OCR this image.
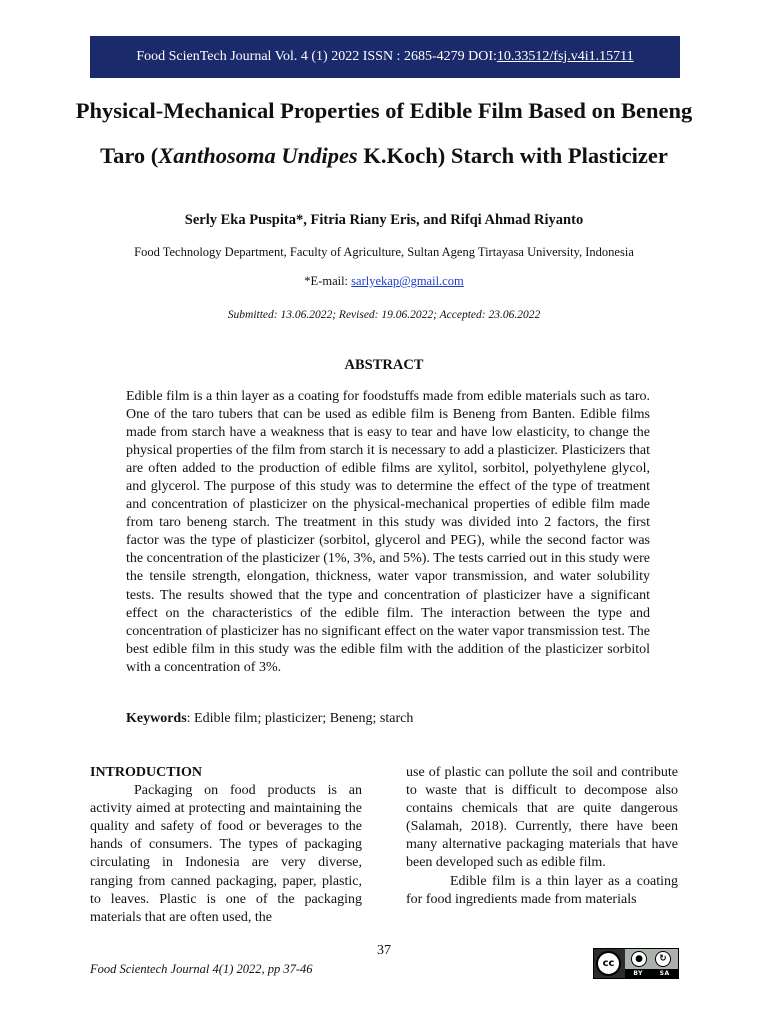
Food ScienTech Journal Vol. 4 (1) 2022 ISSN : 2685-4279 DOI: 10.33512/fsj.v4i1.15711
Physical-Mechanical Properties of Edible Film Based on Beneng Taro (Xanthosoma Undipes K.Koch) Starch with Plasticizer
Serly Eka Puspita*, Fitria Riany Eris, and Rifqi Ahmad Riyanto
Food Technology Department, Faculty of Agriculture, Sultan Ageng Tirtayasa University, Indonesia
*E-mail: sarlyekap@gmail.com
Submitted: 13.06.2022; Revised: 19.06.2022; Accepted: 23.06.2022
ABSTRACT

Edible film is a thin layer as a coating for foodstuffs made from edible materials such as taro. One of the taro tubers that can be used as edible film is Beneng from Banten. Edible films made from starch have a weakness that is easy to tear and have low elasticity, to change the physical properties of the film from starch it is necessary to add a plasticizer. Plasticizers that are often added to the production of edible films are xylitol, sorbitol, polyethylene glycol, and glycerol. The purpose of this study was to determine the effect of the type of treatment and concentration of plasticizer on the physical-mechanical properties of edible film made from taro beneng starch. The treatment in this study was divided into 2 factors, the first factor was the type of plasticizer (sorbitol, glycerol and PEG), while the second factor was the concentration of the plasticizer (1%, 3%, and 5%). The tests carried out in this study were the tensile strength, elongation, thickness, water vapor transmission, and water solubility tests. The results showed that the type and concentration of plasticizer have a significant effect on the characteristics of the edible film. The interaction between the type and concentration of plasticizer has no significant effect on the water vapor transmission test. The best edible film in this study was the edible film with the addition of the plasticizer sorbitol with a concentration of 3%.

Keywords: Edible film; plasticizer; Beneng; starch

INTRODUCTION

Packaging on food products is an activity aimed at protecting and maintaining the quality and safety of food or beverages to the hands of consumers. The types of packaging circulating in Indonesia are very diverse, ranging from canned packaging, paper, plastic, to leaves. Plastic is one of the packaging materials that are often used, the

use of plastic can pollute the soil and contribute to waste that is difficult to decompose also contains chemicals that are quite dangerous (Salamah, 2018). Currently, there have been many alternative packaging materials that have been developed such as edible film.

Edible film is a thin layer as a coating for food ingredients made from materials

37
Food Scientech Journal 4(1) 2022, pp 37-46	cc	●	↻
BY	SA
